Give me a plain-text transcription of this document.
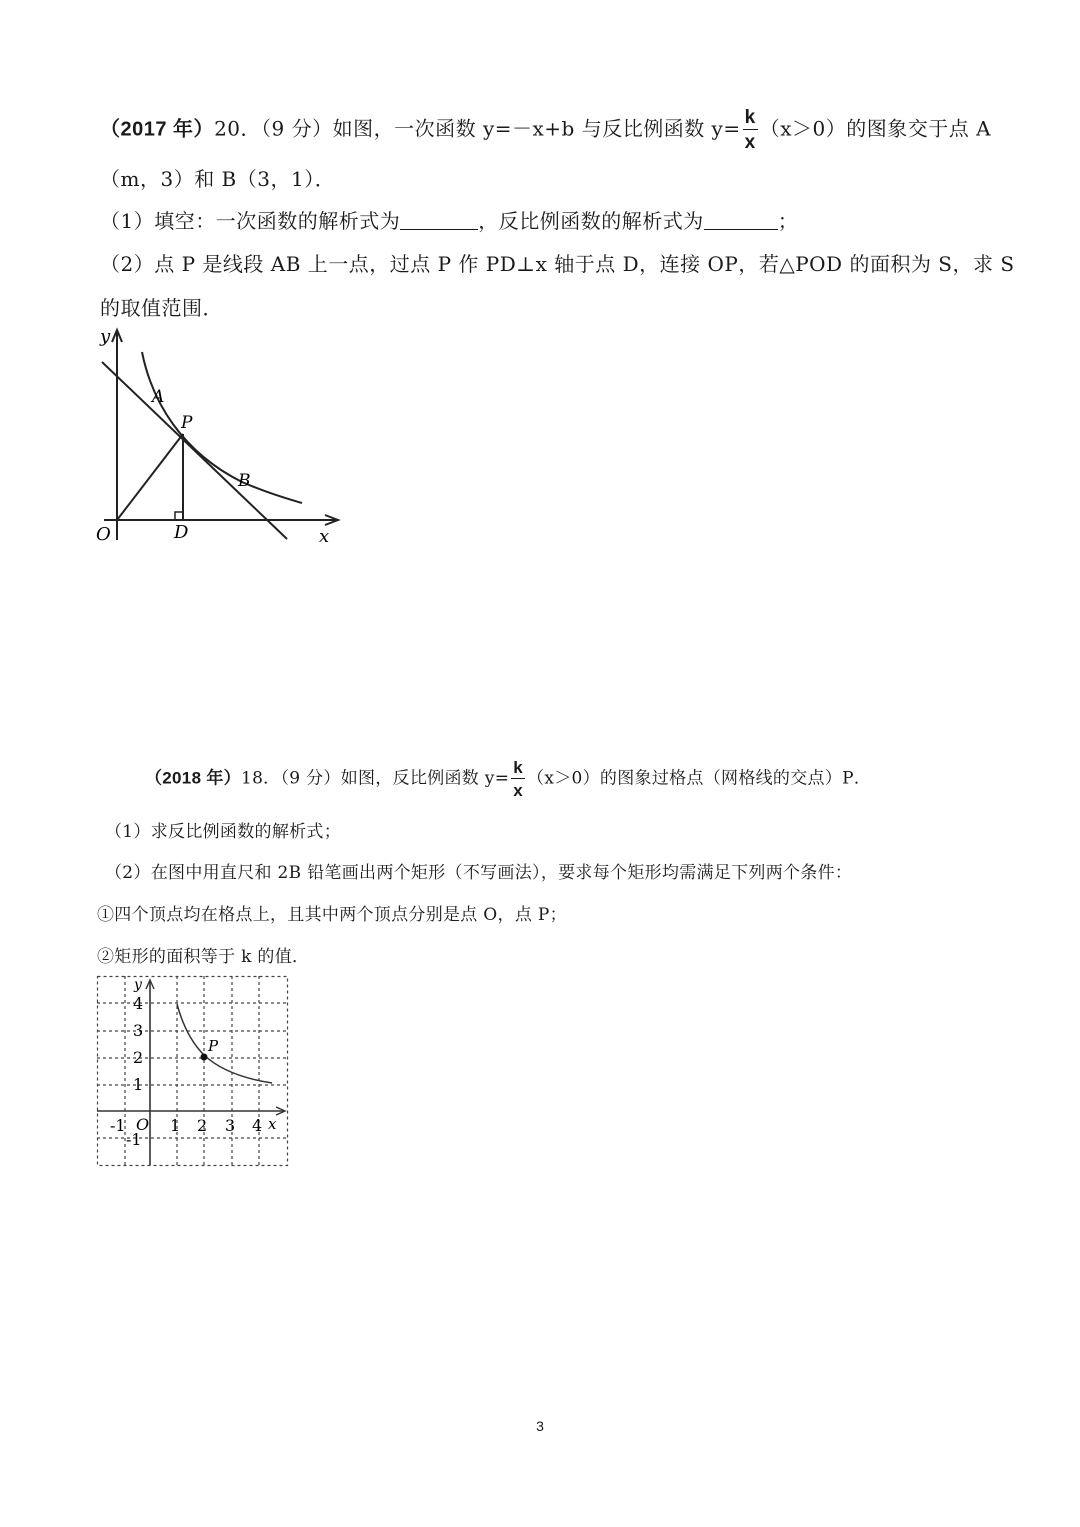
（2017 年）20．（9 分）如图，一次函数 y=－x+b 与反比例函数 $y= \frac{k}{x} (x>0)$的图象交于点 A
（m，3）和 B（3，1）．
（1）填空：一次函数的解析式为	，反比例函数的解析式为	；
（2）点 P 是线段 AB 上一点，过点 P 作 PD⊥x 轴于点 D，连接 OP，若△POD 的面积为 S，求 S
的取值范围．
y
x
O
A
P
B
D
（2018 年）18．（9 分）如图，反比例函数 $y= \frac{k}{x} (x>0)$的图象过格点（网格线的交点）P．
（1）求反比例函数的解析式；
（2）在图中用直尺和 2B 铅笔画出两个矩形（不写画法），要求每个矩形均需满足下列两个条件：
①四个顶点均在格点上，且其中两个顶点分别是点 O，点 P；
②矩形的面积等于 k 的值．
P
y
x
O
-1	1 2 3 4
4
3
2
1
-1
3
